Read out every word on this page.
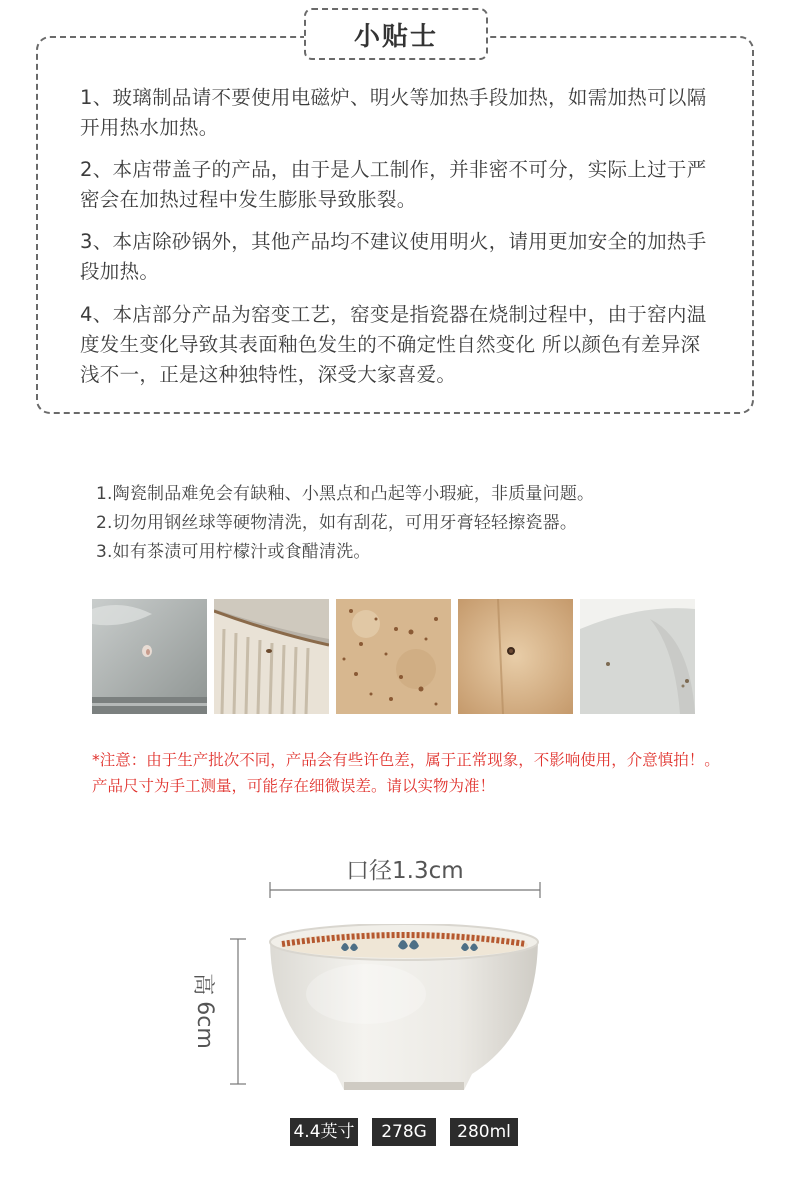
小贴士
1、玻璃制品请不要使用电磁炉、明火等加热手段加热，如需加热可以隔开用热水加热。
2、本店带盖子的产品，由于是人工制作，并非密不可分，实际上过于严密会在加热过程中发生膨胀导致胀裂。
3、本店除砂锅外，其他产品均不建议使用明火，请用更加安全的加热手段加热。
4、本店部分产品为窑变工艺，窑变是指瓷器在烧制过程中，由于窑内温度发生变化导致其表面釉色发生的不确定性自然变化 所以颜色有差异深浅不一，正是这种独特性，深受大家喜爱。
1.陶瓷制品难免会有缺釉、小黑点和凸起等小瑕疵，非质量问题。
2.切勿用钢丝球等硬物清洗，如有刮花，可用牙膏轻轻擦瓷器。
3.如有茶渍可用柠檬汁或食醋清洗。
*注意：由于生产批次不同，产品会有些许色差，属于正常现象，不影响使用，介意慎拍！。产品尺寸为手工测量，可能存在细微误差。请以实物为准！
口径1.3cm
高
6cm
4.4英寸	278G	280ml
